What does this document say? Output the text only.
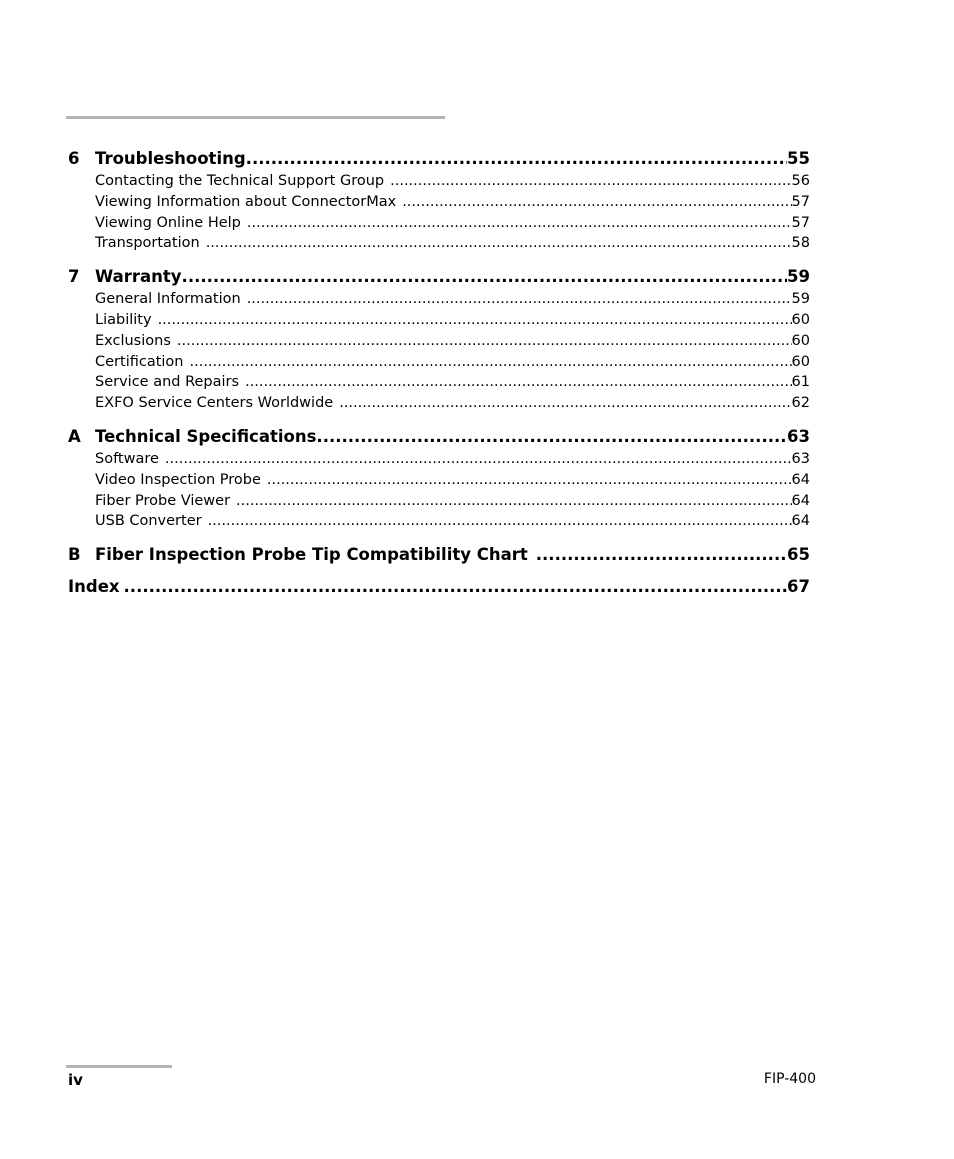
6 Troubleshooting .....	55
Contacting the Technical Support Group .....	56
Viewing Information about ConnectorMax .....	57
Viewing Online Help .....	57
Transportation .....	58
7 Warranty .....	59
General Information .....	59
Liability .....	60
Exclusions .....	60
Certification .....	60
Service and Repairs .....	61
EXFO Service Centers Worldwide .....	62
A Technical Specifications .....	63
Software .....	63
Video Inspection Probe .....	64
Fiber Probe Viewer .....	64
USB Converter .....	64
B Fiber Inspection Probe Tip Compatibility Chart .....	65
Index .....	67
iv	FIP-400
